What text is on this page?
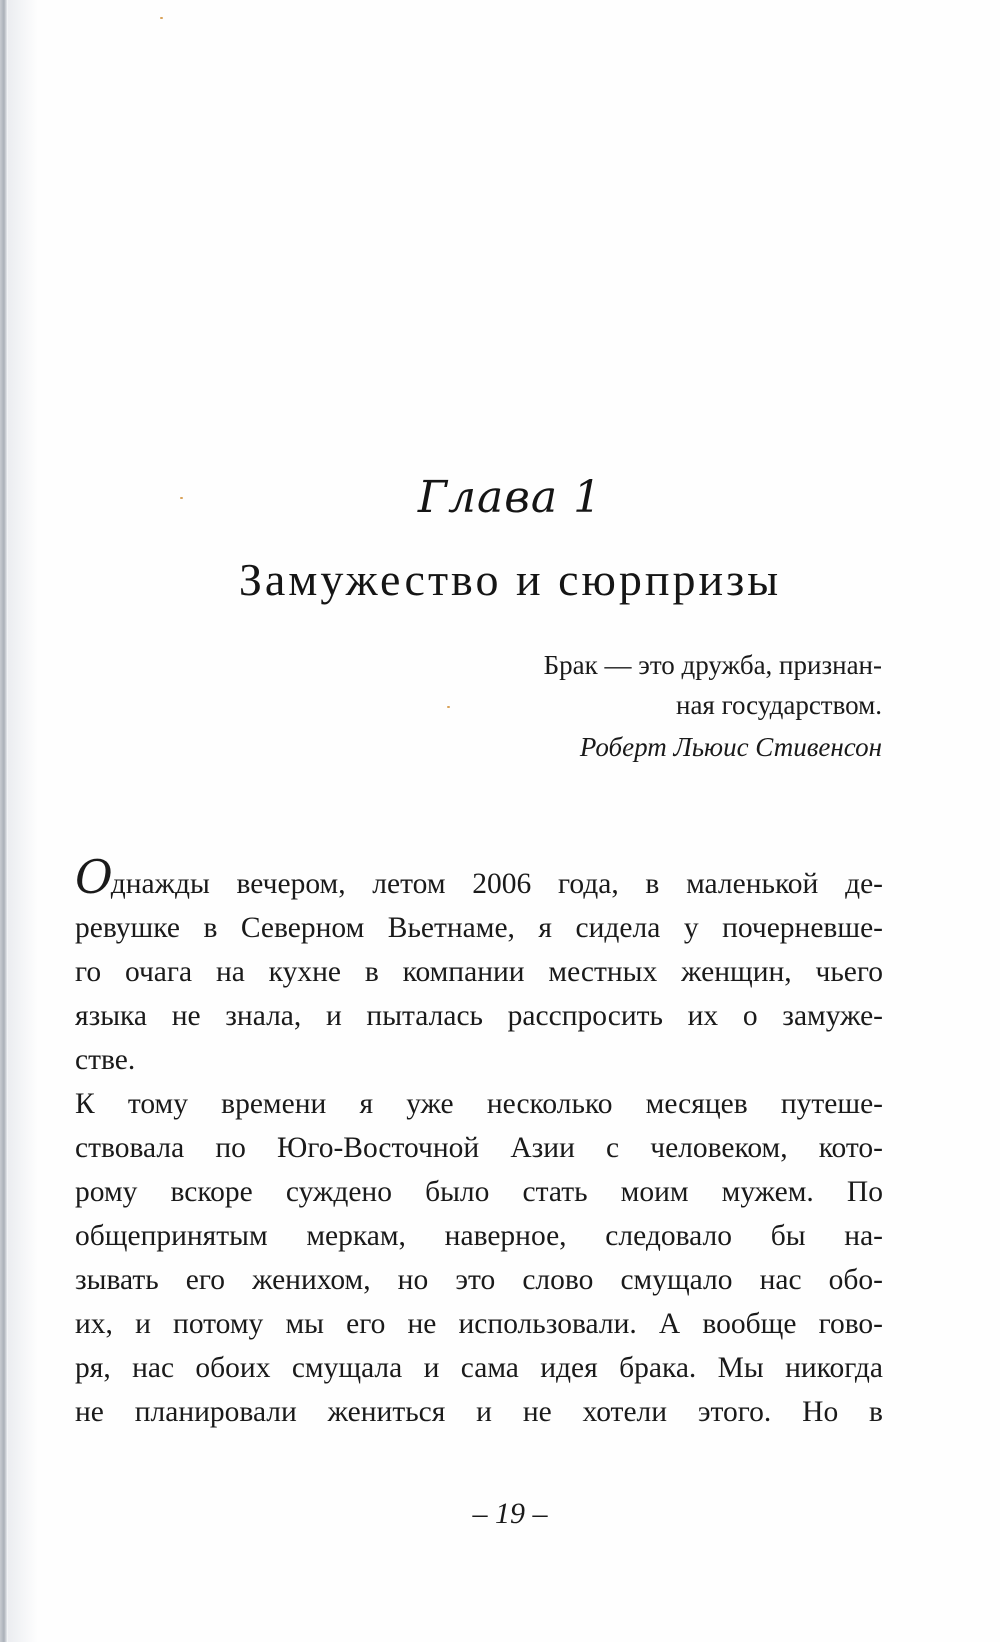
Глава 1
Замужество и сюрпризы
Брак — это дружба, признан-
ная государством.
Роберт Льюис Стивенсон
Однажды вечером, летом 2006 года, в маленькой де-
ревушке в Северном Вьетнаме, я сидела у почерневше-
го очага на кухне в компании местных женщин, чьего
языка не знала, и пыталась расспросить их о замуже-
стве.
К тому времени я уже несколько месяцев путеше-
ствовала по Юго-Восточной Азии с человеком, кото-
рому вскоре суждено было стать моим мужем. По
общепринятым меркам, наверное, следовало бы на-
зывать его женихом, но это слово смущало нас обо-
их, и потому мы его не использовали. А вообще гово-
ря, нас обоих смущала и сама идея брака. Мы никогда
не планировали жениться и не хотели этого. Но в
– 19 –
